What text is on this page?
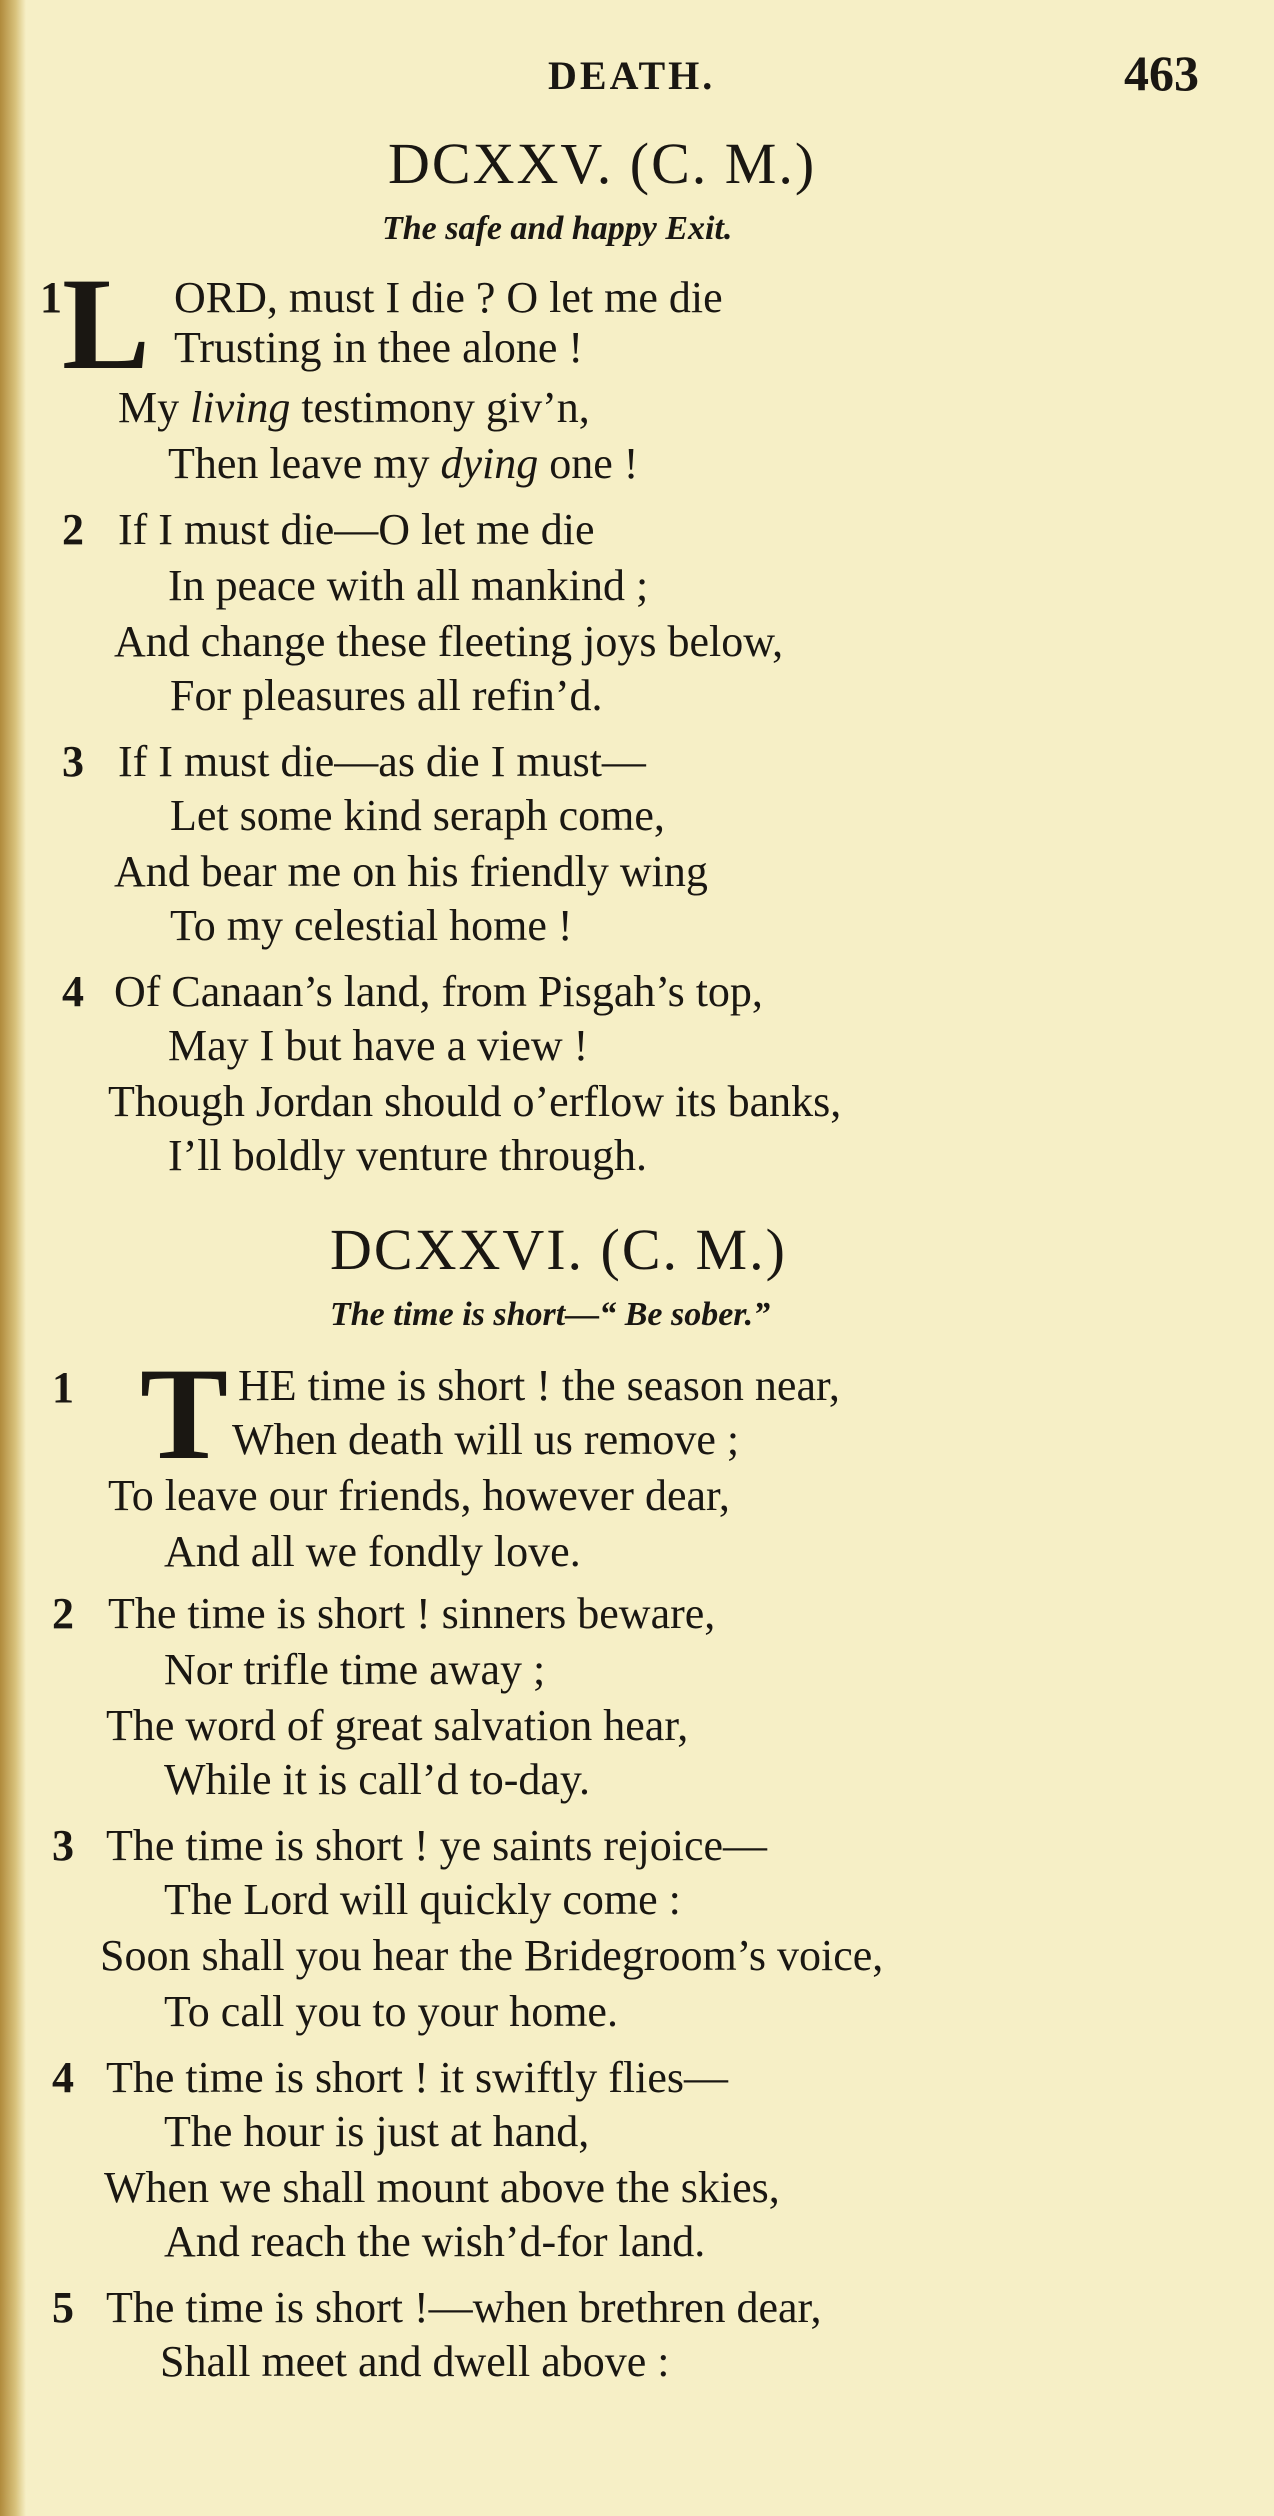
DEATH.	463
DCXXV. (C. M.)
The safe and happy Exit.
1 L ORD, must I die ? O let me die
Trusting in thee alone !
My living testimony giv’n,
Then leave my dying one !
2 If I must die—O let me die
In peace with all mankind ;
And change these fleeting joys below,
For pleasures all refin’d.
3 If I must die—as die I must—
Let some kind seraph come,
And bear me on his friendly wing
To my celestial home !
4 Of Canaan’s land, from Pisgah’s top,
May I but have a view !
Though Jordan should o’erflow its banks,
I’ll boldly venture through.
DCXXVI. (C. M.)
The time is short—“ Be sober.”
1 T HE time is short ! the season near,
When death will us remove ;
To leave our friends, however dear,
And all we fondly love.
2 The time is short ! sinners beware,
Nor trifle time away ;
The word of great salvation hear,
While it is call’d to-day.
3 The time is short ! ye saints rejoice—
The Lord will quickly come :
Soon shall you hear the Bridegroom’s voice,
To call you to your home.
4 The time is short ! it swiftly flies—
The hour is just at hand,
When we shall mount above the skies,
And reach the wish’d-for land.
5 The time is short !—when brethren dear,
Shall meet and dwell above :
